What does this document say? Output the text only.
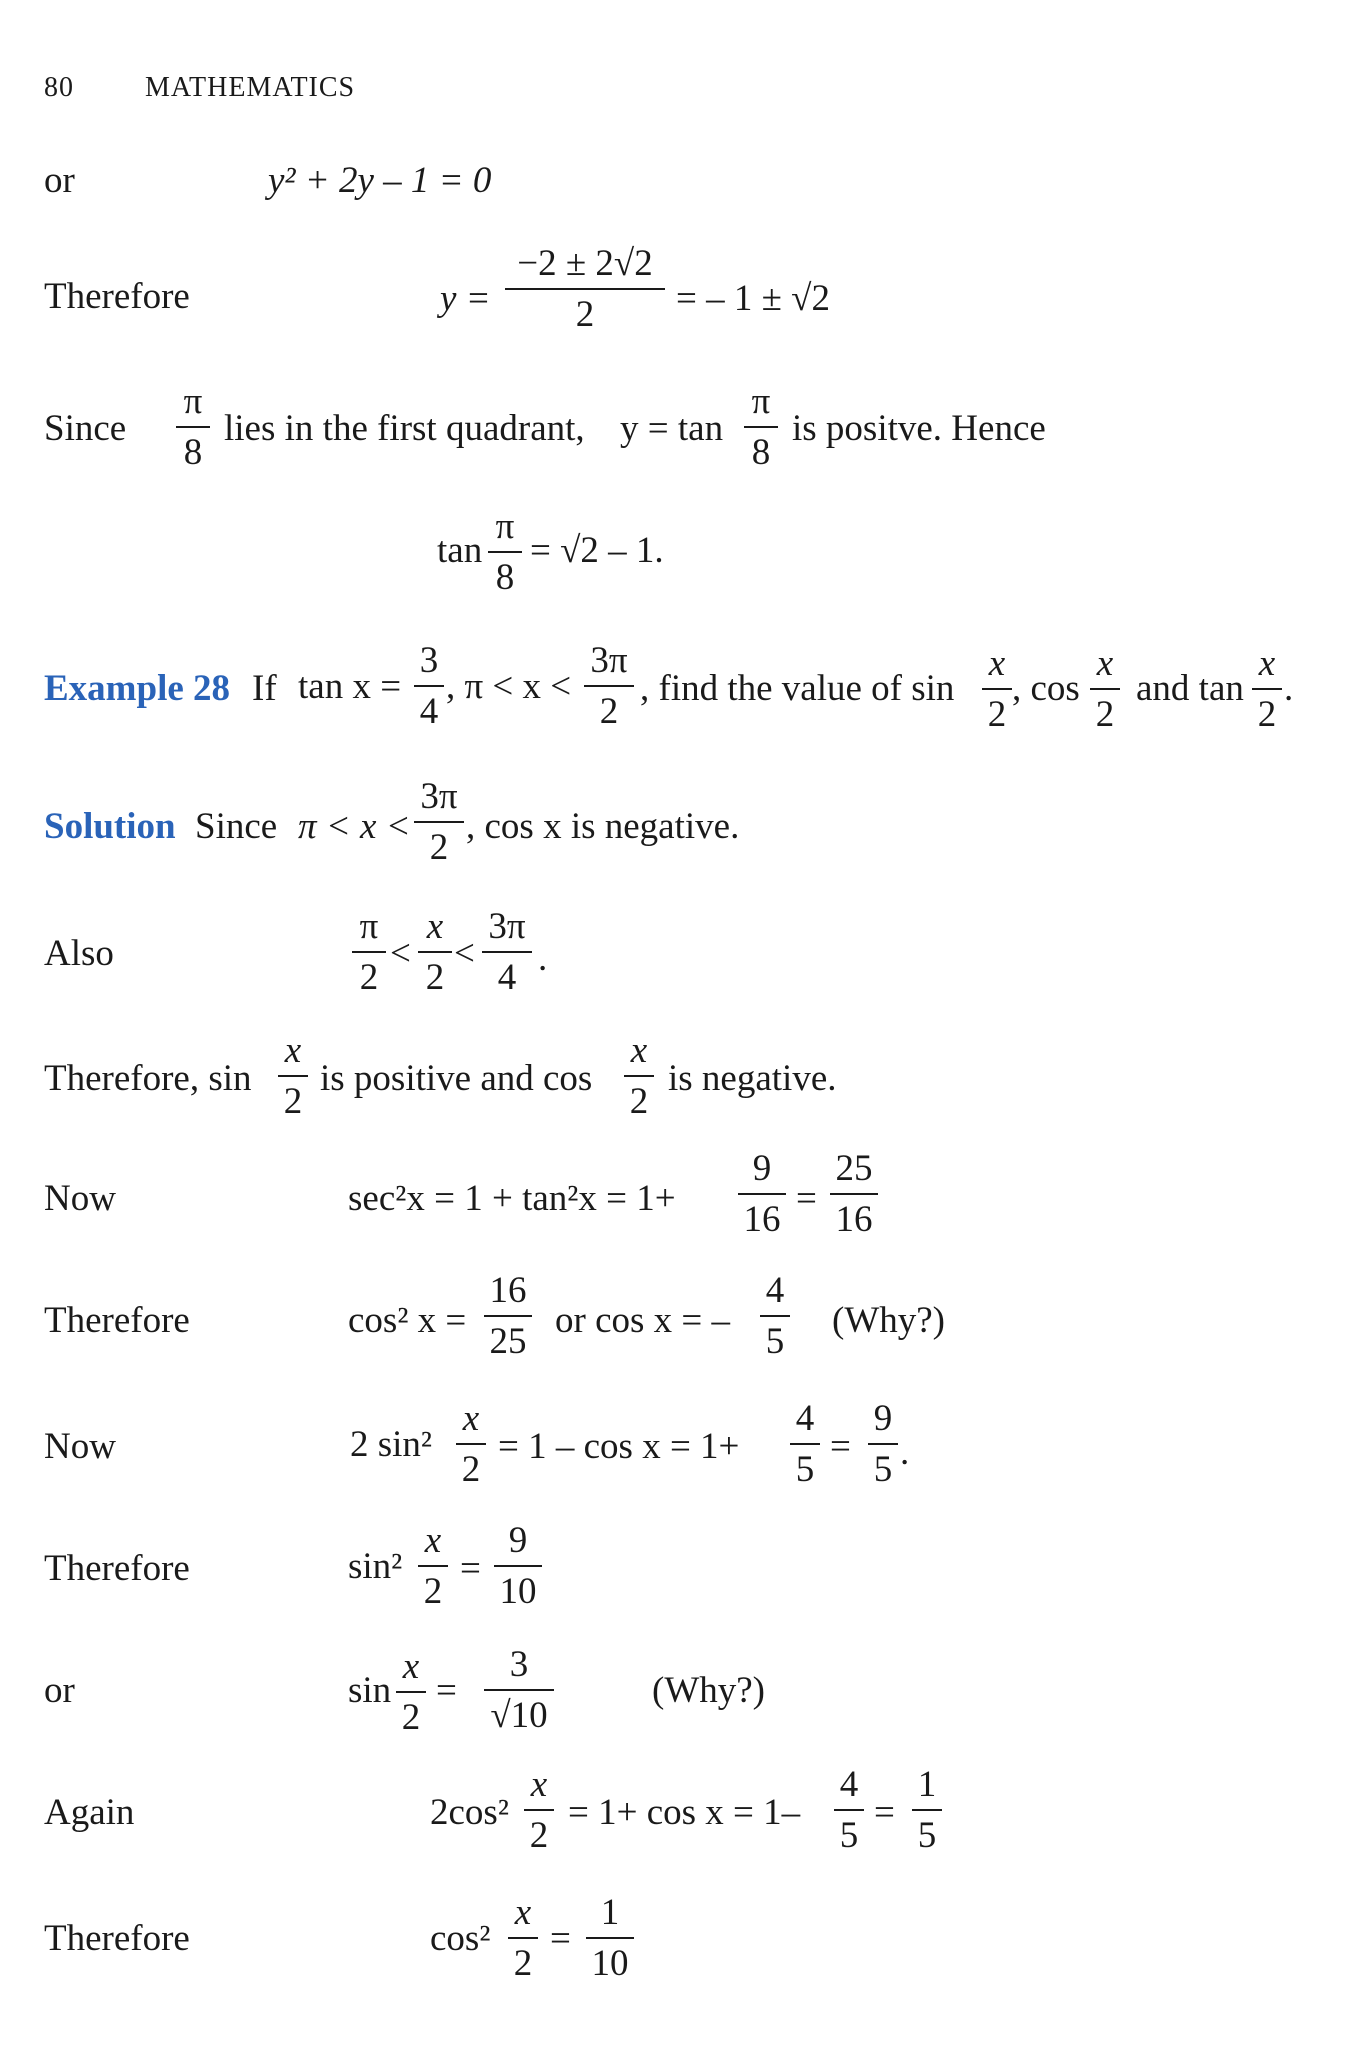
80	MATHEMATICS
or	y² + 2y – 1 = 0
Therefore	y =
−2 ± 2√2
2	= – 1 ± √2
Since
π
8
lies in the first quadrant, y = tan
π
8
is positve. Hence
tan
π
8
= √2 – 1.
Example 28 If tan x =
3
4
, π < x <
3π
2
, find the value of sin
x
2
, cos
x
2
and tan
x
2
.
Solution Since π < x <
3π
2
, cos x is negative.
Also
π
2
<
x
2
<
3π
4 .
Therefore, sin
x
2
is positive and cos
x
2
is negative.
Now	sec²x = 1 + tan²x = 1+
9
16
=
25
16
Therefore	cos² x =
16
25
or cos x = –
4
5
(Why?)
Now	2 sin²
x
2
= 1 – cos x = 1+
4
5
=
9
5 .
Therefore	sin²
x
2
=
9
10
or	sin
x
2
=
3
√10
(Why?)
Again	2cos²
x
2
= 1+ cos x = 1–
4
5
=
1
5
Therefore	cos²
x
2
=
1
10
